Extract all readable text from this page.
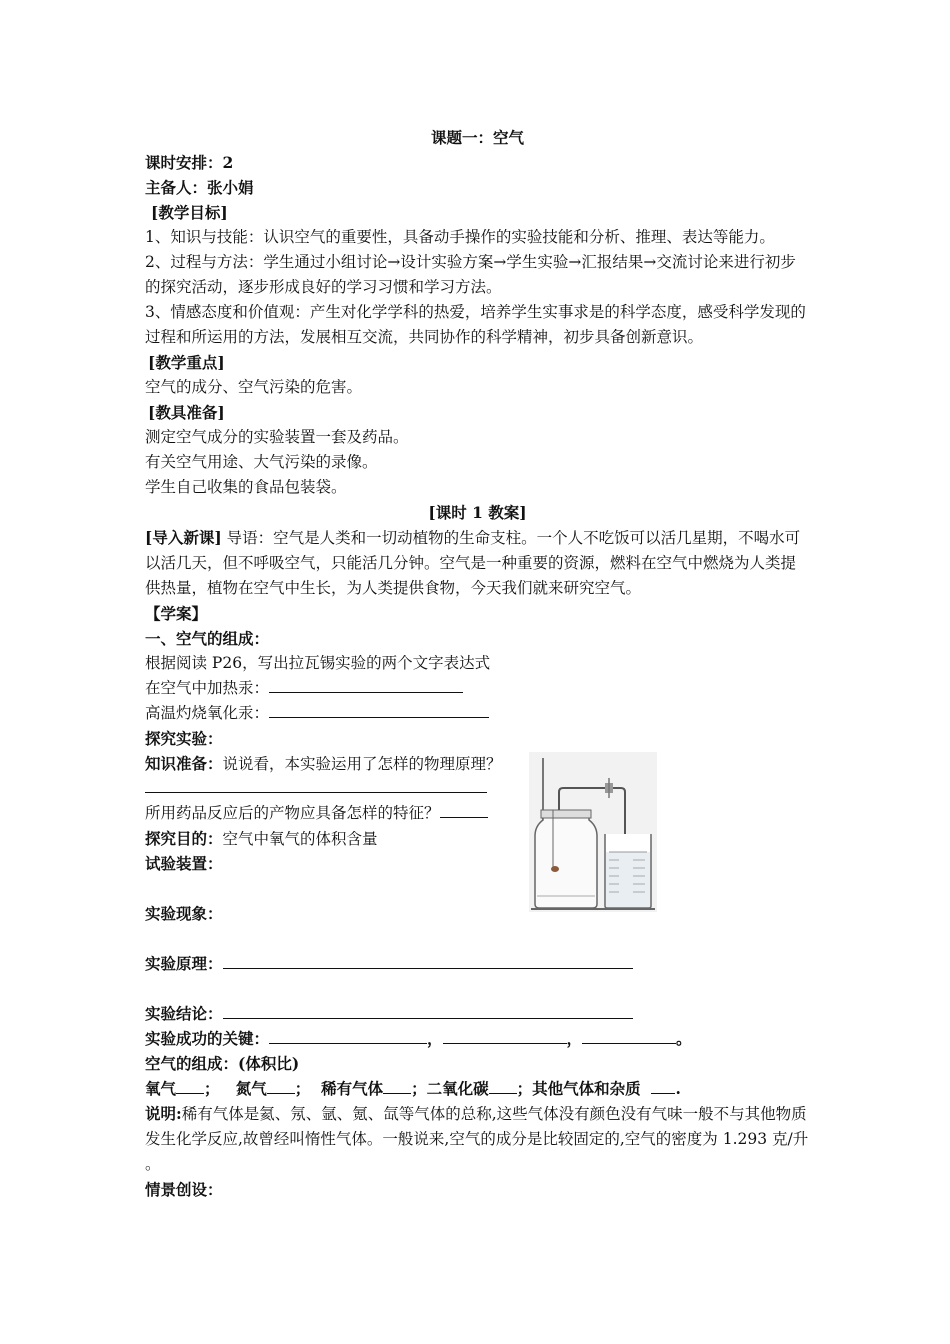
课题一：空气
课时安排：2
主备人：张小娟
[教学目标]
1、知识与技能：认识空气的重要性，具备动手操作的实验技能和分析、推理、表达等能力。
2、过程与方法：学生通过小组讨论→设计实验方案→学生实验→汇报结果→交流讨论来进行初步的探究活动，逐步形成良好的学习习惯和学习方法。
3、情感态度和价值观：产生对化学学科的热爱，培养学生实事求是的科学态度，感受科学发现的过程和所运用的方法，发展相互交流，共同协作的科学精神，初步具备创新意识。
[教学重点]
空气的成分、空气污染的危害。
[教具准备]
测定空气成分的实验装置一套及药品。
有关空气用途、大气污染的录像。
学生自己收集的食品包装袋。
[课时 1 教案]
[导入新课] 导语：空气是人类和一切动植物的生命支柱。一个人不吃饭可以活几星期，不喝水可以活几天，但不呼吸空气，只能活几分钟。空气是一种重要的资源，燃料在空气中燃烧为人类提供热量，植物在空气中生长，为人类提供食物，今天我们就来研究空气。
【学案】
一、空气的组成：
根据阅读 P26，写出拉瓦锡实验的两个文字表达式
在空气中加热汞：
高温灼烧氧化汞：
探究实验：
知识准备：说说看，本实验运用了怎样的物理原理？
所用药品反应后的产物应具备怎样的特征？
探究目的：空气中氧气的体积含量
试验装置：
实验现象：
实验原理：
实验结论：
实验成功的关键：	，	，	。
空气的组成：(体积比)
氧气 ； 氮气 ； 稀有气体 ；二氧化碳 ；其他气体和杂质 .
说明:稀有气体是氦、氖、氩、氪、氙等气体的总称,这些气体没有颜色没有气味一般不与其他物质发生化学反应,故曾经叫惰性气体。一般说来,空气的成分是比较固定的,空气的密度为 1.293 克/升 。
情景创设：
